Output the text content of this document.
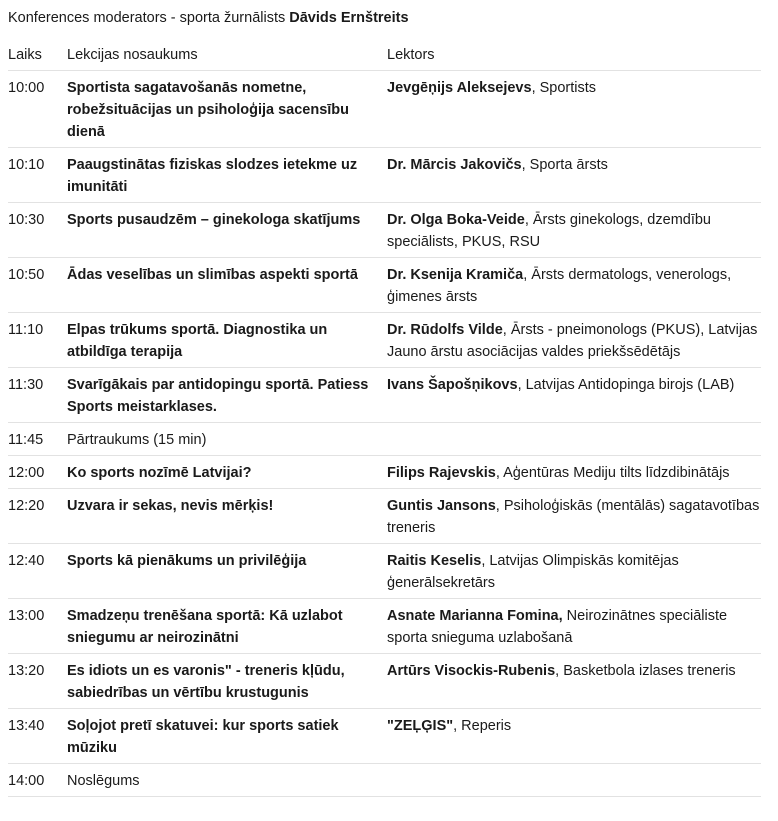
Konferences moderators - sporta žurnālists Dāvids Ernštreits
Laiks	Lekcijas nosaukums	Lektors
10:00	Sportista sagatavošanās nometne, robežsituācijas un psiholoģija sacensību dienā	Jevgēņijs Aleksejevs, Sportists
10:10	Paaugstinātas fiziskas slodzes ietekme uz imunitāti	Dr. Mārcis Jakovičs, Sporta ārsts
10:30	Sports pusaudzēm – ginekologa skatījums	Dr. Olga Boka-Veide, Ārsts ginekologs, dzemdību speciālists, PKUS, RSU
10:50	Ādas veselības un slimības aspekti sportā	Dr. Ksenija Kramiča, Ārsts dermatologs, venerologs, ģimenes ārsts
11:10	Elpas trūkums sportā. Diagnostika un atbildīga terapija	Dr. Rūdolfs Vilde, Ārsts - pneimonologs (PKUS), Latvijas Jauno ārstu asociācijas valdes priekšsēdētājs
11:30	Svarīgākais par antidopingu sportā. Patiess Sports meistarklases.	Ivans Šapošņikovs, Latvijas Antidopinga birojs (LAB)
11:45	Pārtraukums (15 min)	
12:00	Ko sports nozīmē Latvijai?	Filips Rajevskis, Aģentūras Mediju tilts līdzdibinātājs
12:20	Uzvara ir sekas, nevis mērķis!	Guntis Jansons, Psiholoģiskās (mentālās) sagatavotības treneris
12:40	Sports kā pienākums un privilēģija	Raitis Keselis, Latvijas Olimpiskās komitējas ģenerālsekretārs
13:00	Smadzeņu trenēšana sportā: Kā uzlabot sniegumu ar neirozinātni	Asnate Marianna Fomina, Neirozinātnes speciāliste sporta snieguma uzlabošanā
13:20	Es idiots un es varonis" - treneris kļūdu, sabiedrības un vērtību krustugunis	Artūrs Visockis-Rubenis, Basketbola izlases treneris
13:40	Soļojot pretī skatuvei: kur sports satiek mūziku	"ZEĻĢIS", Reperis
14:00	Noslēgums	
